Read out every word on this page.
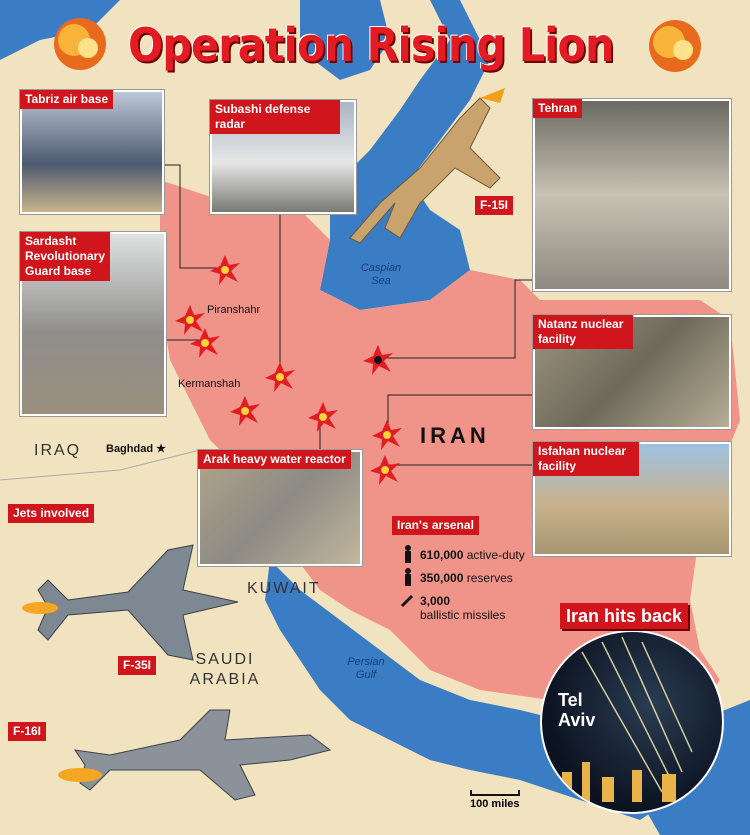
Operation Rising Lion
Tabriz air base
Subashi defense radar
Tehran
Sardasht Revolutionary Guard base
Natanz nuclear facility
Isfahan nuclear facility
Arak heavy water reactor
Piranshahr
Kermanshah
Baghdad ★
IRAQ
IRAN
KUWAIT
SAUDI ARABIA
Caspian Sea
Persian Gulf
F-15I
Jets involved
F-35I
F-16I
Iran's arsenal
610,000 active-duty
350,000 reserves
3,000
ballistic missiles	Iran hits back
Tel Aviv
100 miles
